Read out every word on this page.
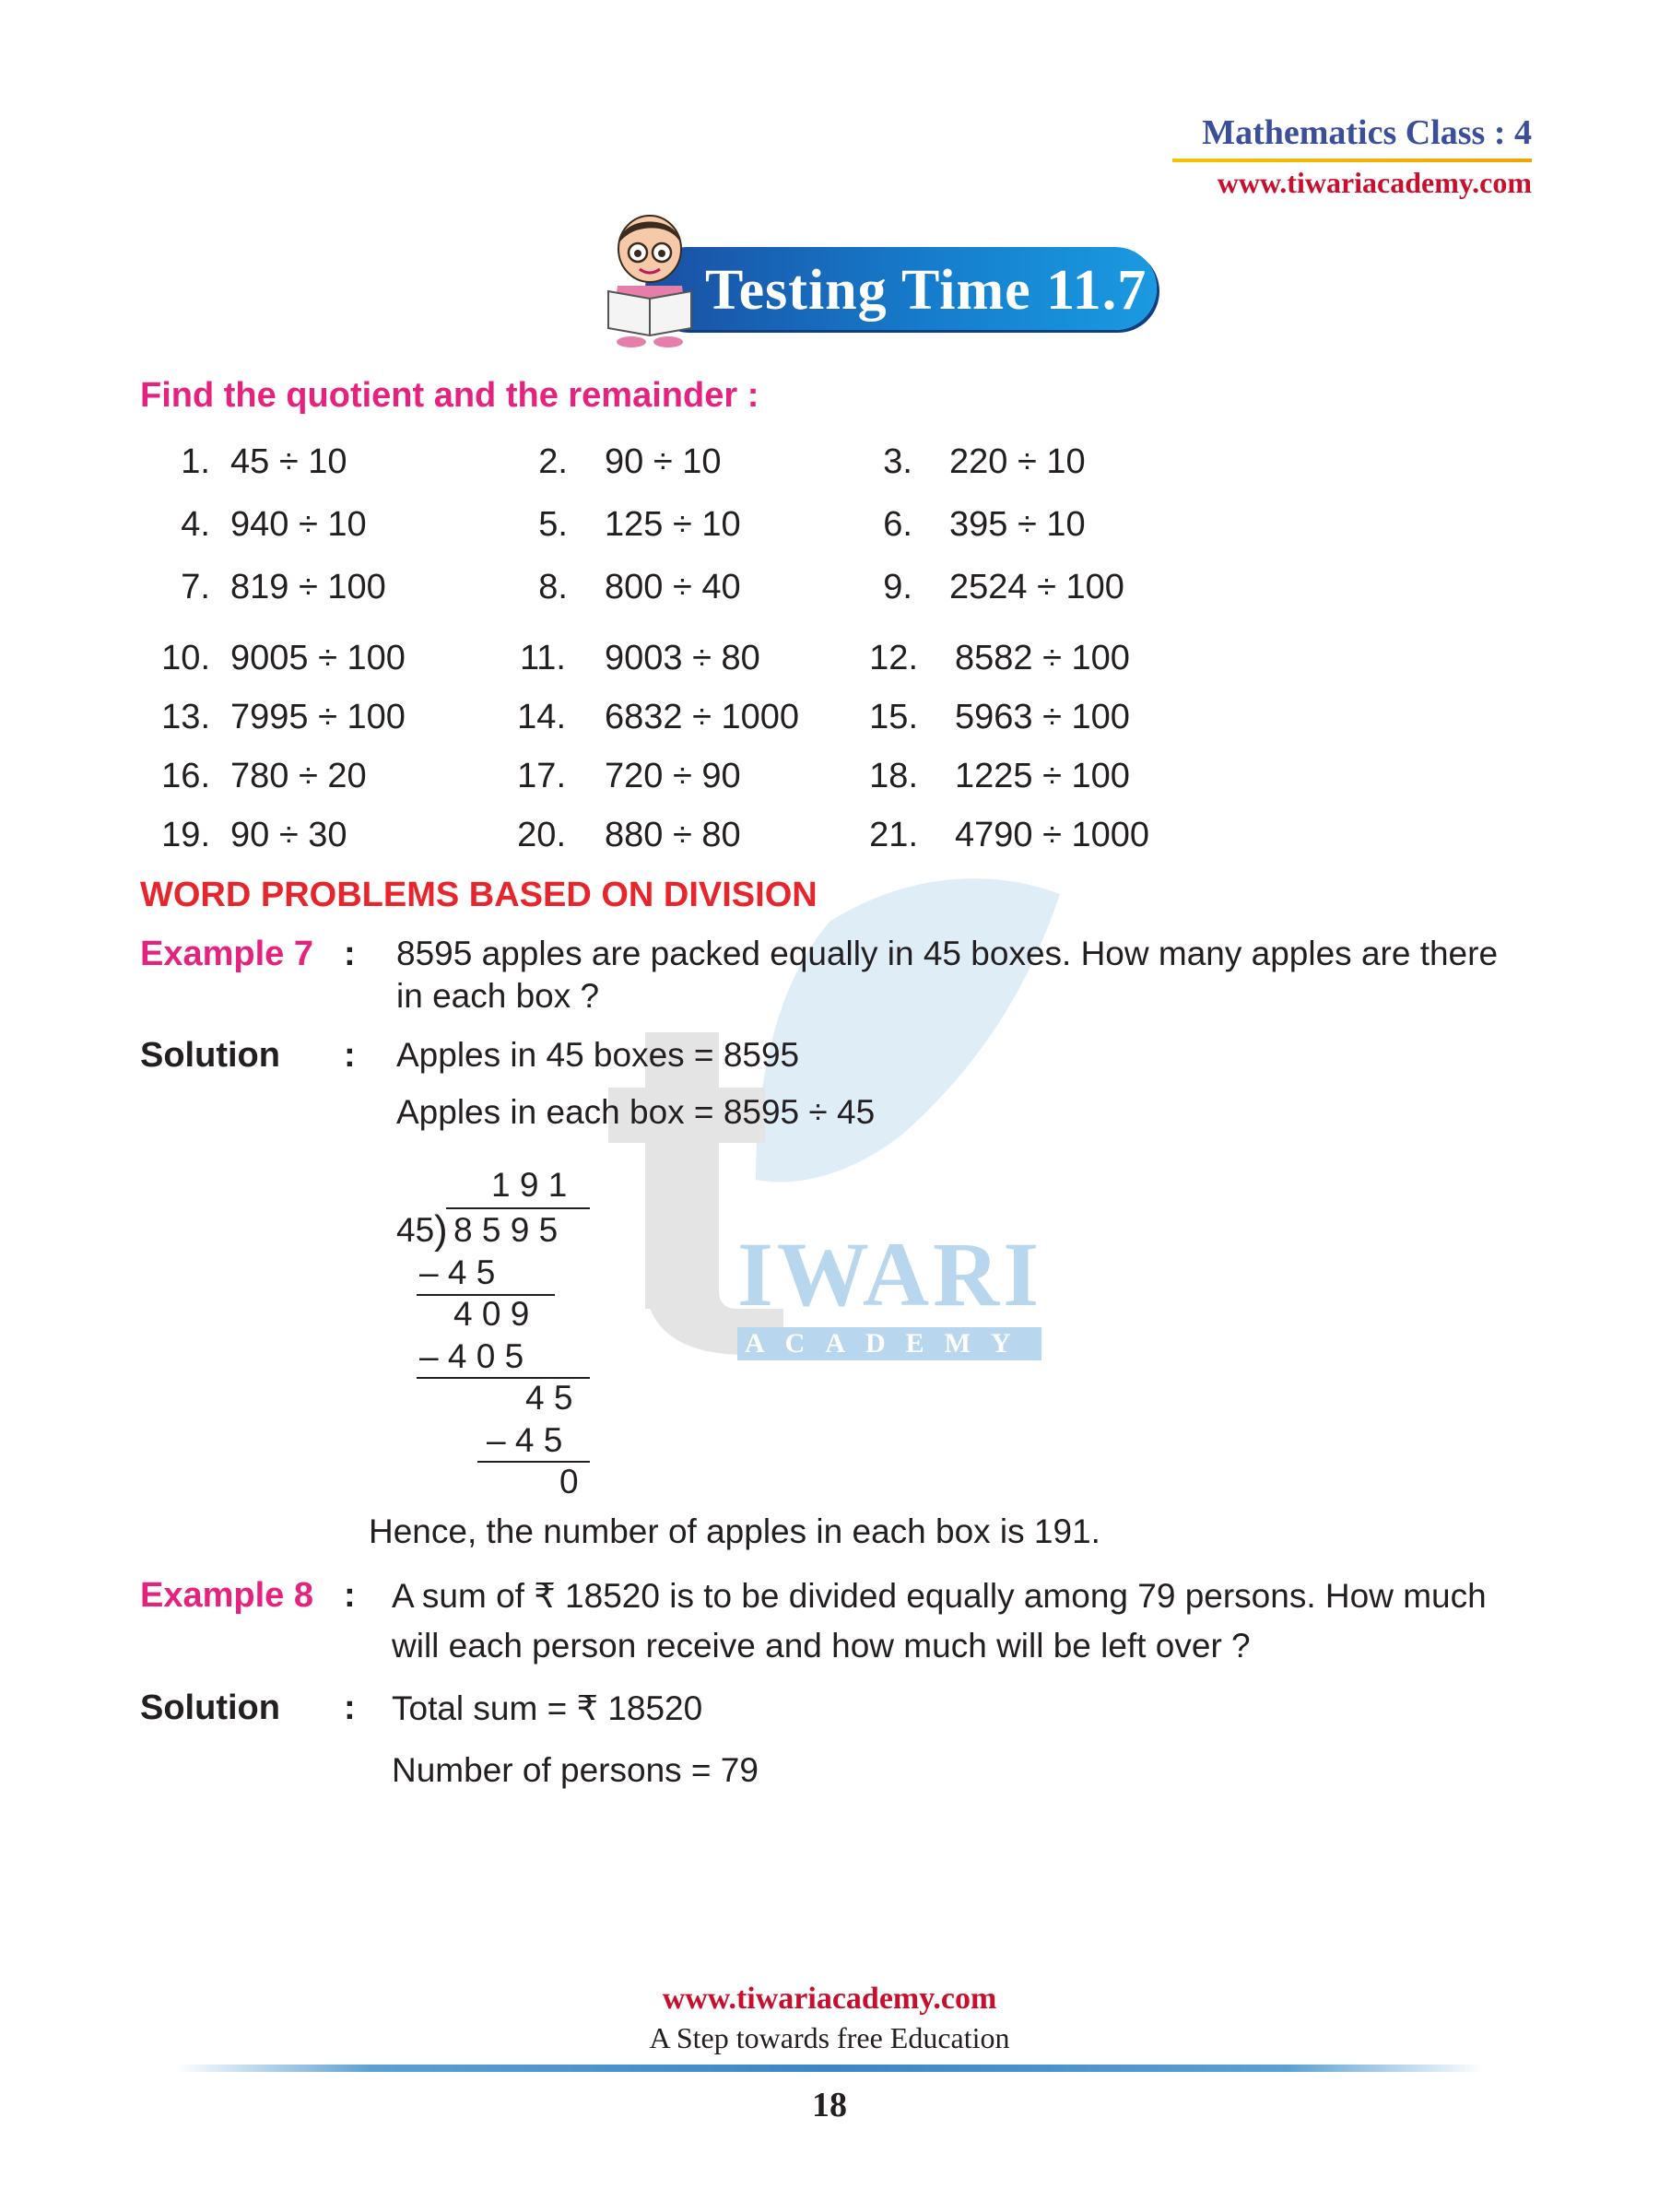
IWARI
ACADEMY
Mathematics Class : 4
www.tiwariacademy.com
Testing Time 11.7
Find the quotient and the remainder :
1. 45 ÷ 10	2. 90 ÷ 10	3. 220 ÷ 10
4. 940 ÷ 10	5. 125 ÷ 10	6. 395 ÷ 10
7. 819 ÷ 100	8. 800 ÷ 40	9. 2524 ÷ 100
10. 9005 ÷ 100	11. 9003 ÷ 80	12. 8582 ÷ 100
13. 7995 ÷ 100	14. 6832 ÷ 1000	15. 5963 ÷ 100
16. 780 ÷ 20	17. 720 ÷ 90	18. 1225 ÷ 100
19. 90 ÷ 30	20. 880 ÷ 80	21. 4790 ÷ 1000
WORD PROBLEMS BASED ON DIVISION
Example 7 : 8595 apples are packed equally in 45 boxes. How many apples are there
in each box ?
Solution : Apples in 45 boxes = 8595
Apples in each box = 8595 ÷ 45
1 9 1
45 ) 8 5 9 5
– 4 5
4 0 9
– 4 0 5
4 5
– 4 5
0
Hence, the number of apples in each box is 191.
Example 8 : A sum of ₹ 18520 is to be divided equally among 79 persons. How much
will each person receive and how much will be left over ?
Solution : Total sum = ₹ 18520
Number of persons = 79
www.tiwariacademy.com
A Step towards free Education
18
